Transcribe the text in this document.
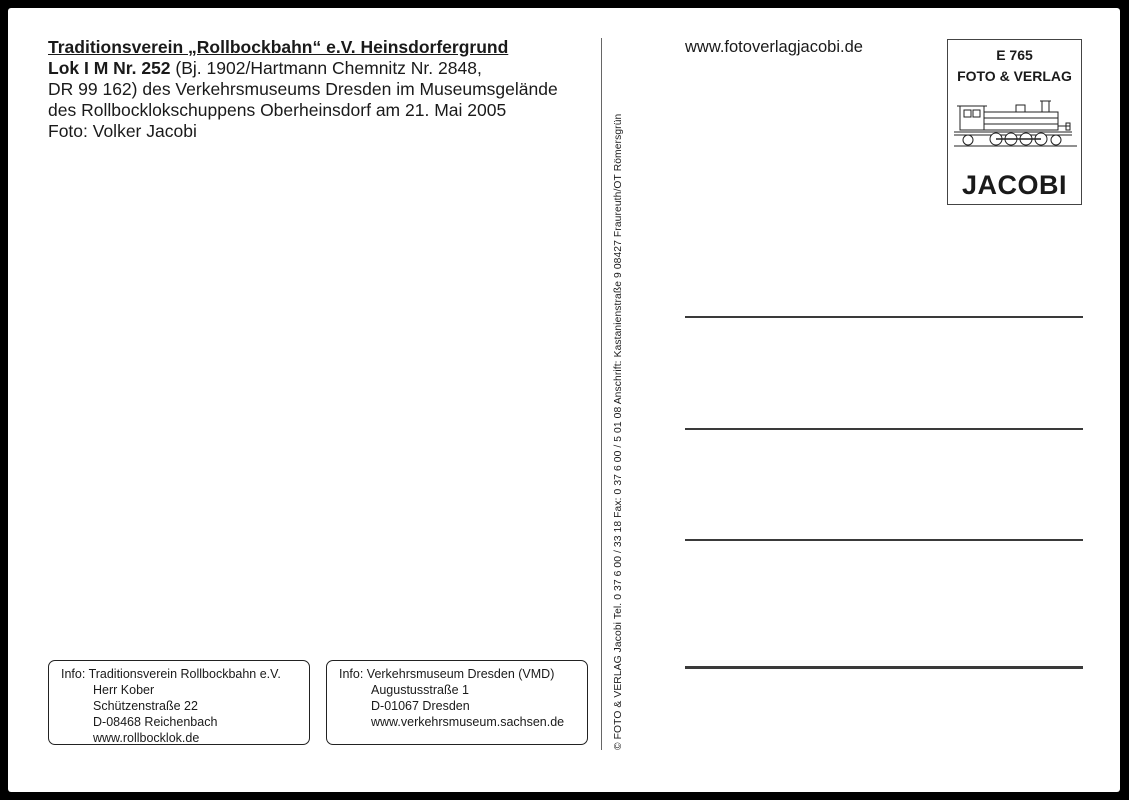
Traditionsverein „Rollbockbahn“ e.V. Heinsdorfergrund
Lok I M Nr. 252 (Bj. 1902/Hartmann Chemnitz Nr. 2848,
DR 99 162) des Verkehrsmuseums Dresden im Museumsgelände
des Rollbocklokschuppens Oberheinsdorf am 21. Mai 2005
Foto: Volker Jacobi
Info: Traditionsverein Rollbockbahn e.V.
Herr Kober
Schützenstraße 22
D-08468 Reichenbach
www.rollbocklok.de
Info: Verkehrsmuseum Dresden (VMD)
Augustusstraße 1
D-01067 Dresden
www.verkehrsmuseum.sachsen.de	© FOTO & VERLAG Jacobi Tel. 0 37 6 00 / 33 18 Fax: 0 37 6 00 / 5 01 08 Anschrift: Kastanienstraße 9 08427 Fraureuth/OT Römersgrün
www.fotoverlagjacobi.de	E 765
FOTO & VERLAG
JACOBI
